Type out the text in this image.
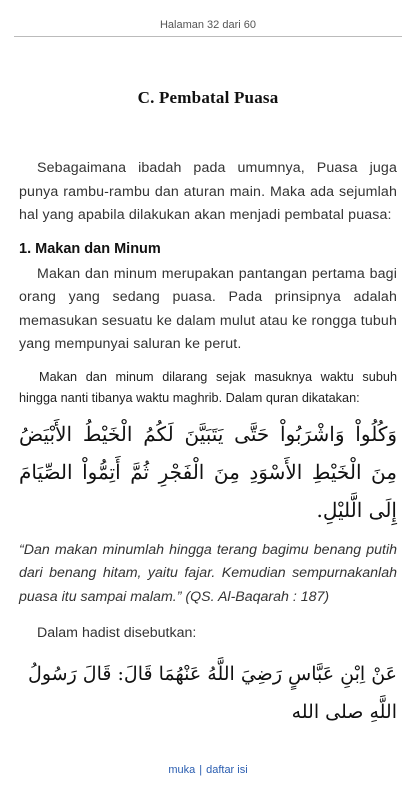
Halaman 32 dari 60
C. Pembatal Puasa

Sebagaimana ibadah pada umumnya, Puasa juga punya rambu-rambu dan aturan main. Maka ada sejumlah hal yang apabila dilakukan akan menjadi pembatal puasa:

1. Makan dan Minum

Makan dan minum merupakan pantangan pertama bagi orang yang sedang puasa. Pada prinsipnya adalah memasukan sesuatu ke dalam mulut atau ke rongga tubuh yang mempunyai saluran ke perut.

Makan dan minum dilarang sejak masuknya waktu subuh hingga nanti tibanya waktu maghrib. Dalam quran dikatakan:

وَكُلُواْ وَاشْرَبُواْ حَتَّى يَتَبَيَّنَ لَكُمُ الْخَيْطُ الأَبْيَضُ مِنَ الْخَيْطِ الأَسْوَدِ مِنَ الْفَجْرِ ثُمَّ أَتِمُّواْ الصِّيَامَ إِلَى الَّليْلِ.

“Dan makan minumlah hingga terang bagimu benang putih dari benang hitam, yaitu fajar. Kemudian sempurnakanlah puasa itu sampai malam.” (QS. Al-Baqarah : 187)

Dalam hadist disebutkan:

عَنْ اِبْنِ عَبَّاسٍ رَضِيَ اللَّهُ عَنْهُمَا قَالَ: قَالَ رَسُولُ اللَّهِ صلى الله
muka | daftar isi
